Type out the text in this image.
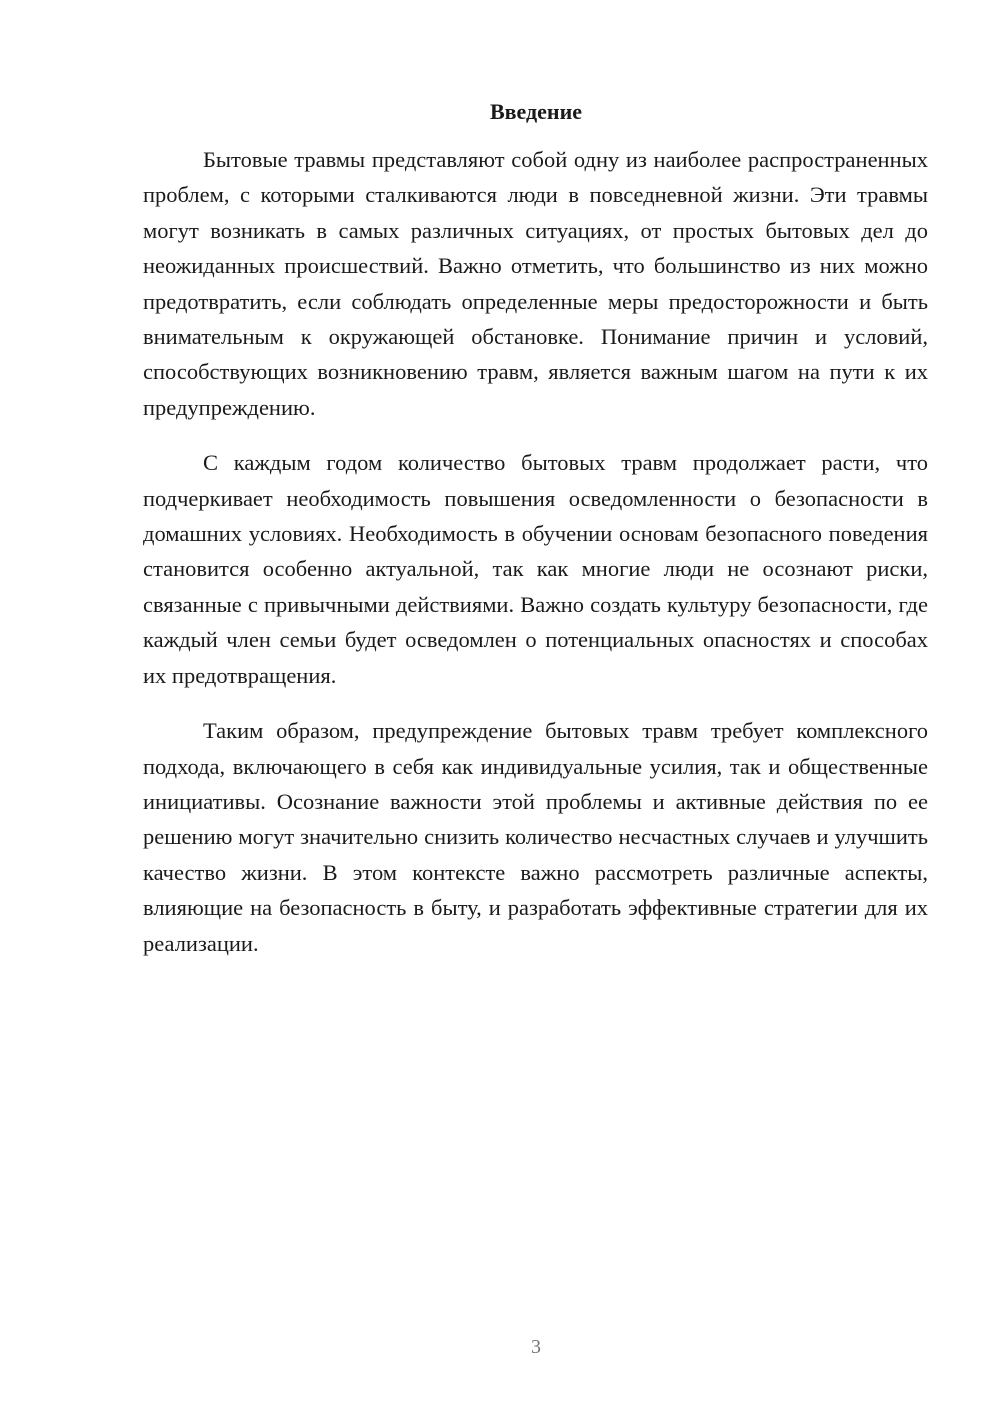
Введение

Бытовые травмы представляют собой одну из наиболее распространенных проблем, с которыми сталкиваются люди в повседневной жизни. Эти травмы могут возникать в самых различных ситуациях, от простых бытовых дел до неожиданных происшествий. Важно отметить, что большинство из них можно предотвратить, если соблюдать определенные меры предосторожности и быть внимательным к окружающей обстановке. Понимание причин и условий, способствующих возникновению травм, является важным шагом на пути к их предупреждению.

С каждым годом количество бытовых травм продолжает расти, что подчеркивает необходимость повышения осведомленности о безопасности в домашних условиях. Необходимость в обучении основам безопасного поведения становится особенно актуальной, так как многие люди не осознают риски, связанные с привычными действиями. Важно создать культуру безопасности, где каждый член семьи будет осведомлен о потенциальных опасностях и способах их предотвращения.

Таким образом, предупреждение бытовых травм требует комплексного подхода, включающего в себя как индивидуальные усилия, так и общественные инициативы. Осознание важности этой проблемы и активные действия по ее решению могут значительно снизить количество несчастных случаев и улучшить качество жизни. В этом контексте важно рассмотреть различные аспекты, влияющие на безопасность в быту, и разработать эффективные стратегии для их реализации.

3
